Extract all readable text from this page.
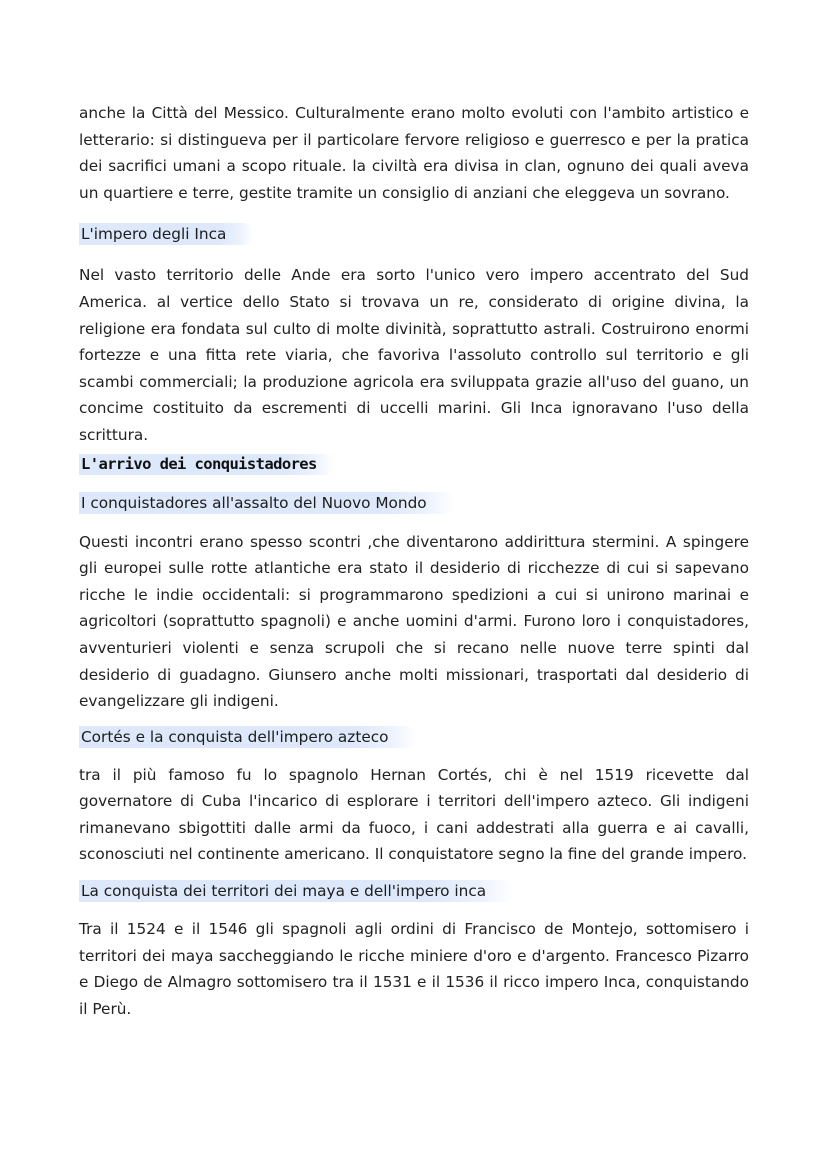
anche la Città del Messico. Culturalmente erano molto evoluti con l'ambito artistico e letterario: si distingueva per il particolare fervore religioso e guerresco e per la pratica dei sacrifici umani a scopo rituale. la civiltà era divisa in clan, ognuno dei quali aveva un quartiere e terre, gestite tramite un consiglio di anziani che eleggeva un sovrano.

L'impero degli Inca

Nel vasto territorio delle Ande era sorto l'unico vero impero accentrato del Sud America. al vertice dello Stato si trovava un re, considerato di origine divina, la religione era fondata sul culto di molte divinità, soprattutto astrali. Costruirono enormi fortezze e una fitta rete viaria, che favoriva l'assoluto controllo sul territorio e gli scambi commerciali; la produzione agricola era sviluppata grazie all'uso del guano, un concime costituito da escrementi di uccelli marini. Gli Inca ignoravano l'uso della scrittura.

L'arrivo dei conquistadores
I conquistadores all'assalto del Nuovo Mondo

Questi incontri erano spesso scontri ,che diventarono addirittura stermini. A spingere gli europei sulle rotte atlantiche era stato il desiderio di ricchezze di cui si sapevano ricche le indie occidentali: si programmarono spedizioni a cui si unirono marinai e agricoltori (soprattutto spagnoli) e anche uomini d'armi. Furono loro i conquistadores, avventurieri violenti e senza scrupoli che si recano nelle nuove terre spinti dal desiderio di guadagno. Giunsero anche molti missionari, trasportati dal desiderio di evangelizzare gli indigeni.

Cortés e la conquista dell'impero azteco

tra il più famoso fu lo spagnolo Hernan Cortés, chi è nel 1519 ricevette dal governatore di Cuba l'incarico di esplorare i territori dell'impero azteco. Gli indigeni rimanevano sbigottiti dalle armi da fuoco, i cani addestrati alla guerra e ai cavalli, sconosciuti nel continente americano. Il conquistatore segno la fine del grande impero.

La conquista dei territori dei maya e dell'impero inca

Tra il 1524 e il 1546 gli spagnoli agli ordini di Francisco de Montejo, sottomisero i territori dei maya saccheggiando le ricche miniere d'oro e d'argento. Francesco Pizarro e Diego de Almagro sottomisero tra il 1531 e il 1536 il ricco impero Inca, conquistando il Perù.
